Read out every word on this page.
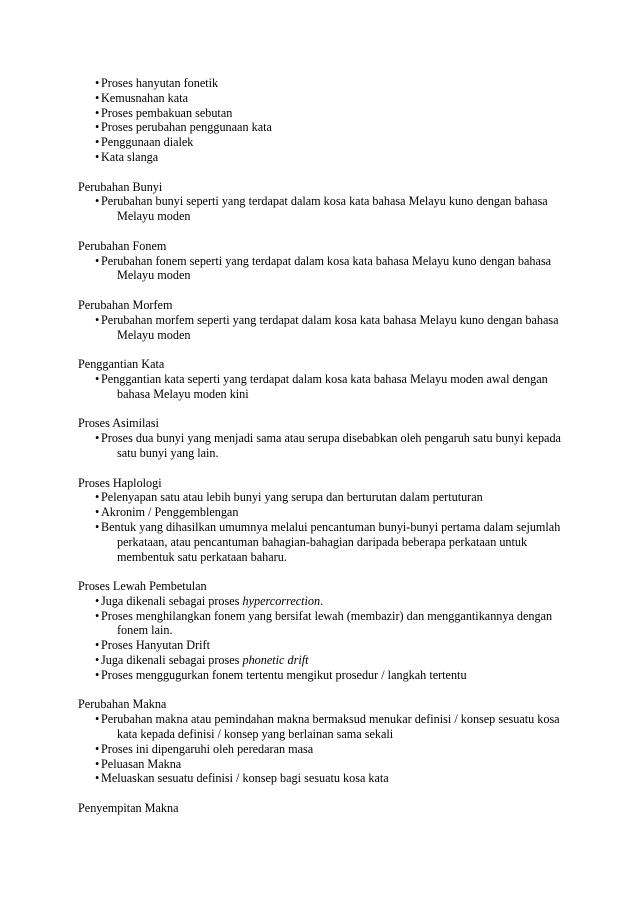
• Proses hanyutan fonetik
• Kemusnahan kata
• Proses pembakuan sebutan
• Proses perubahan penggunaan kata
• Penggunaan dialek
• Kata slanga

Perubahan Bunyi

• Perubahan bunyi seperti yang terdapat dalam kosa kata bahasa Melayu kuno dengan bahasa Melayu moden

Perubahan Fonem

• Perubahan fonem seperti yang terdapat dalam kosa kata bahasa Melayu kuno dengan bahasa Melayu moden

Perubahan Morfem

• Perubahan morfem seperti yang terdapat dalam kosa kata bahasa Melayu kuno dengan bahasa Melayu moden

Penggantian Kata

• Penggantian kata seperti yang terdapat dalam kosa kata bahasa Melayu moden awal dengan bahasa Melayu moden kini

Proses Asimilasi

• Proses dua bunyi yang menjadi sama atau serupa disebabkan oleh pengaruh satu bunyi kepada satu bunyi yang lain.

Proses Haplologi

• Pelenyapan satu atau lebih bunyi yang serupa dan berturutan dalam pertuturan
• Akronim / Penggemblengan
• Bentuk yang dihasilkan umumnya melalui pencantuman bunyi-bunyi pertama dalam sejumlah perkataan, atau pencantuman bahagian-bahagian daripada beberapa perkataan untuk membentuk satu perkataan baharu.

Proses Lewah Pembetulan

• Juga dikenali sebagai proses hypercorrection.
• Proses menghilangkan fonem yang bersifat lewah (membazir) dan menggantikannya dengan fonem lain.
• Proses Hanyutan Drift
• Juga dikenali sebagai proses phonetic drift
• Proses menggugurkan fonem tertentu mengikut prosedur / langkah tertentu

Perubahan Makna

• Perubahan makna atau pemindahan makna bermaksud menukar definisi / konsep sesuatu kosa kata kepada definisi / konsep yang berlainan sama sekali
• Proses ini dipengaruhi oleh peredaran masa
• Peluasan Makna
• Meluaskan sesuatu definisi / konsep bagi sesuatu kosa kata

Penyempitan Makna
